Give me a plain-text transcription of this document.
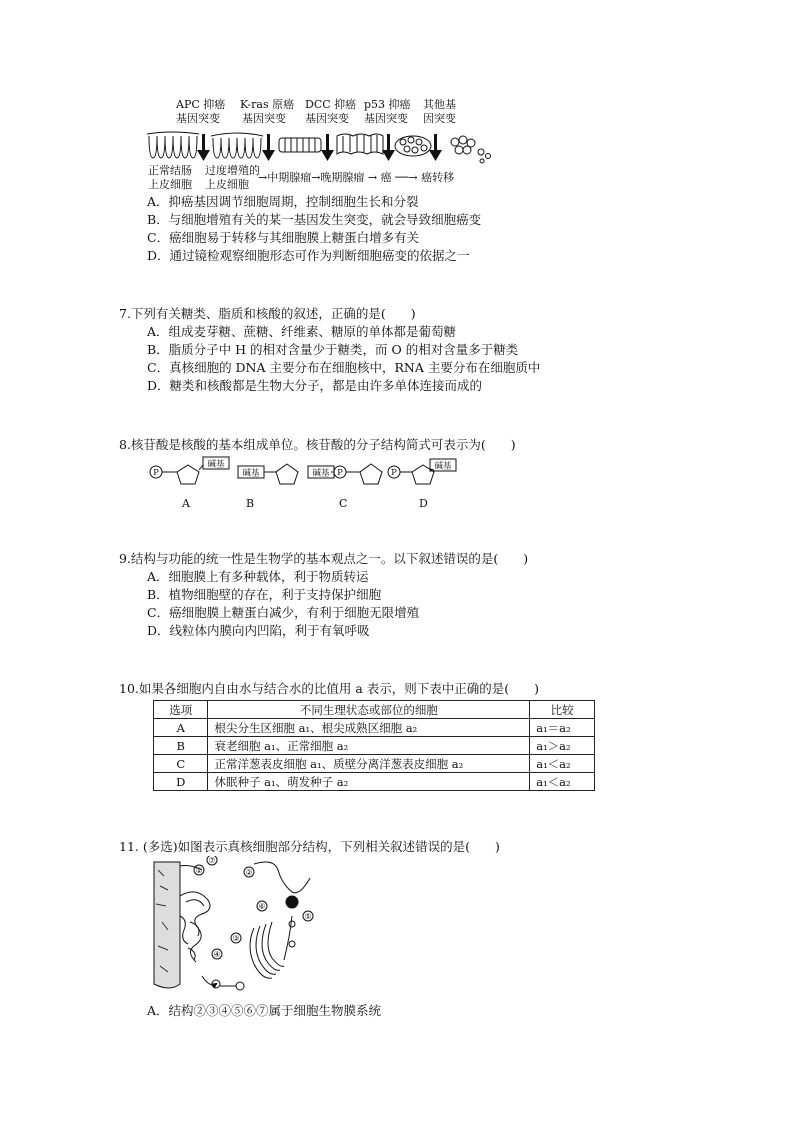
APC 抑癌
基因突变
K-ras 原癌
基因突变
DCC 抑癌
基因突变
p53 抑癌
基因突变
其他基
因突变
正常结肠
上皮细胞
过度增殖的
上皮细胞
→中期腺瘤→晚期腺瘤 → 癌 ──→ 癌转移
A．抑癌基因调节细胞周期，控制细胞生长和分裂
B．与细胞增殖有关的某一基因发生突变，就会导致细胞癌变
C．癌细胞易于转移与其细胞膜上糖蛋白增多有关
D．通过镜检观察细胞形态可作为判断细胞癌变的依据之一
7.下列有关糖类、脂质和核酸的叙述，正确的是(　　)
A．组成麦芽糖、蔗糖、纤维素、糖原的单体都是葡萄糖
B．脂质分子中 H 的相对含量少于糖类，而 O 的相对含量多于糖类
C．真核细胞的 DNA 主要分布在细胞核中，RNA 主要分布在细胞质中
D．糖类和核酸都是生物大分子，都是由许多单体连接而成的
8.核苷酸是核酸的基本组成单位。核苷酸的分子结构简式可表示为(　　)
P
碱基
碱基	碱基 P	P
碱基
A	B	C	D
9.结构与功能的统一性是生物学的基本观点之一。以下叙述错误的是(　　)
A．细胞膜上有多种载体，利于物质转运
B．植物细胞壁的存在，利于支持保护细胞
C．癌细胞膜上糖蛋白减少，有利于细胞无限增殖
D．线粒体内膜向内凹陷，利于有氧呼吸
10.如果各细胞内自由水与结合水的比值用 a 表示，则下表中正确的是(　　)
选项	不同生理状态或部位的细胞	比较
A	根尖分生区细胞 a₁、根尖成熟区细胞 a₂	a₁＝a₂
B	衰老细胞 a₁、正常细胞 a₂	a₁＞a₂
C	正常洋葱表皮细胞 a₁、质壁分离洋葱表皮细胞 a₂	a₁＜a₂
D	休眠种子 a₁、萌发种子 a₂	a₁＜a₂
11. (多选)如图表示真核细胞部分结构，下列相关叙述错误的是(　　)
⑦
①	②
③
④
⑤
⑥
A．结构②③④⑤⑥⑦属于细胞生物膜系统
